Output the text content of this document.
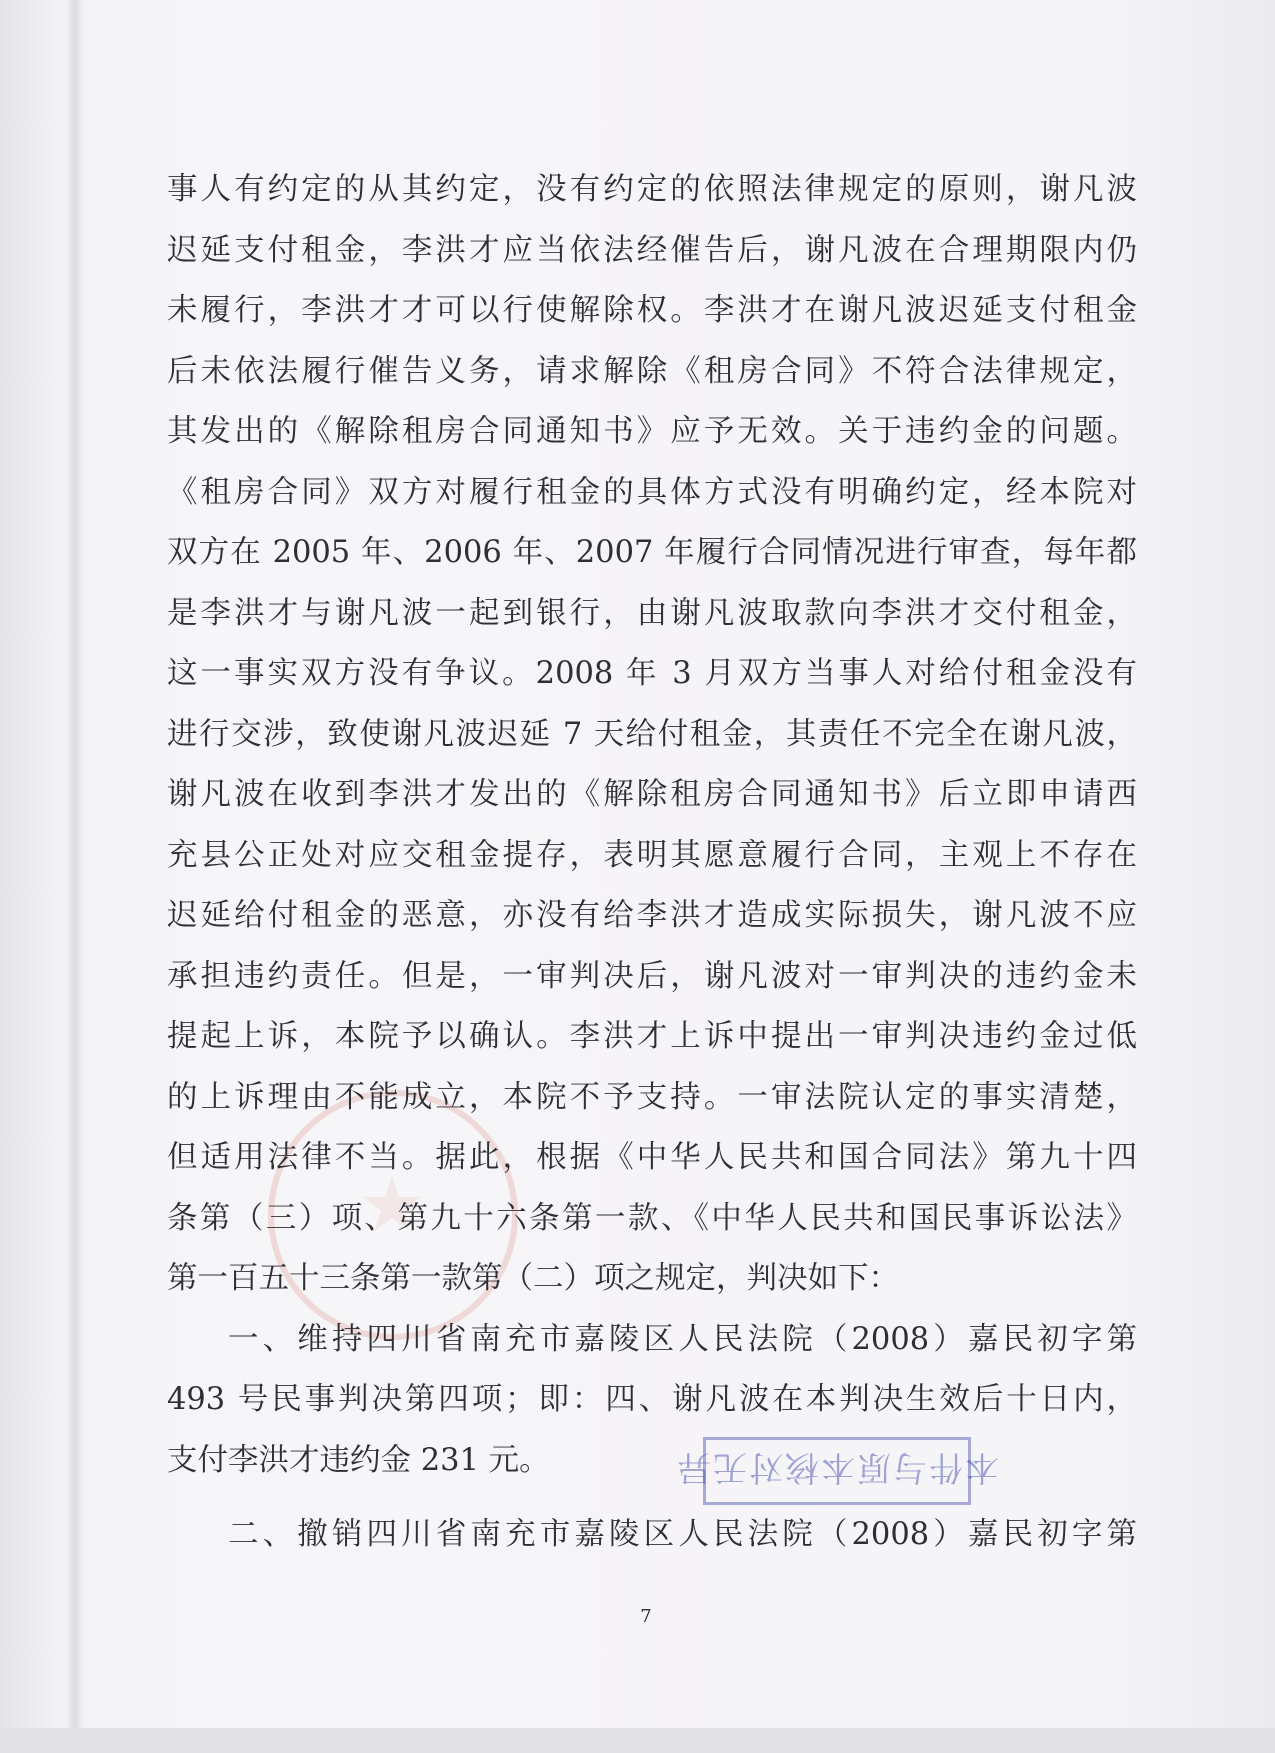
事人有约定的从其约定，没有约定的依照法律规定的原则，谢凡波
迟延支付租金，李洪才应当依法经催告后，谢凡波在合理期限内仍
未履行，李洪才才可以行使解除权。李洪才在谢凡波迟延支付租金
后未依法履行催告义务，请求解除《租房合同》不符合法律规定，
其发出的《解除租房合同通知书》应予无效。关于违约金的问题。
《租房合同》双方对履行租金的具体方式没有明确约定，经本院对
双方在 2005 年、2006 年、2007 年履行合同情况进行审查，每年都
是李洪才与谢凡波一起到银行，由谢凡波取款向李洪才交付租金，
这一事实双方没有争议。2008 年 3 月双方当事人对给付租金没有
进行交涉，致使谢凡波迟延 7 天给付租金，其责任不完全在谢凡波，
谢凡波在收到李洪才发出的《解除租房合同通知书》后立即申请西
充县公正处对应交租金提存，表明其愿意履行合同，主观上不存在
迟延给付租金的恶意，亦没有给李洪才造成实际损失，谢凡波不应
承担违约责任。但是，一审判决后，谢凡波对一审判决的违约金未
提起上诉，本院予以确认。李洪才上诉中提出一审判决违约金过低
的上诉理由不能成立，本院不予支持。一审法院认定的事实清楚，
但适用法律不当。据此，根据《中华人民共和国合同法》第九十四
条第（三）项、第九十六条第一款、《中华人民共和国民事诉讼法》
第一百五十三条第一款第（二）项之规定，判决如下：
一、维持四川省南充市嘉陵区人民法院（2008）嘉民初字第
493 号民事判决第四项；即：四、谢凡波在本判决生效后十日内，
支付李洪才违约金 231 元。
二、撤销四川省南充市嘉陵区人民法院（2008）嘉民初字第
本件与原本核对无异
7
